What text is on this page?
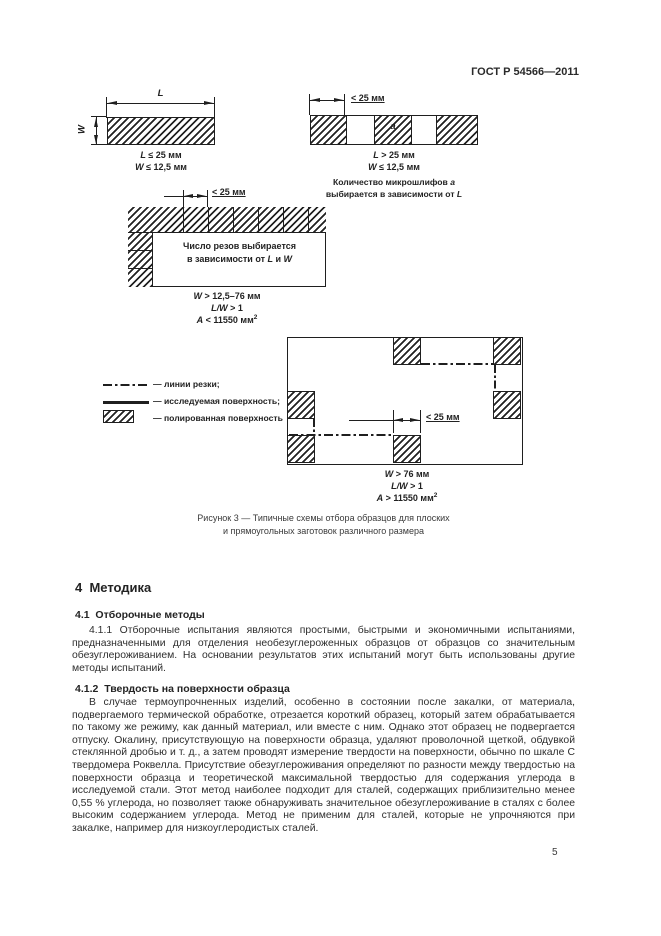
ГОСТ Р 54566—2011
L
W
L ≤ 25 мм
W ≤ 12,5 мм
< 25 мм
а
L > 25 мм
W ≤ 12,5 мм
Количество микрошлифов а
выбирается в зависимости от L
< 25 мм
Число резов выбирается
в зависимости от L и W
W > 12,5–76 мм
L/W > 1
A < 11550 $мм^2$
— линии резки;
— исследуемая поверхность;
— полированная поверхность	< 25 мм
W > 76 мм
L/W > 1
A > 11550 $мм^2$
Рисунок 3 — Типичные схемы отбора образцов для плоских
и прямоугольных заготовок различного размера
4  Методика
4.1  Отборочные методы
4.1.1 Отборочные испытания являются простыми, быстрыми и экономичными испытаниями, предназначенными для отделения необезуглероженных образцов от образцов со значительным обезуглероживанием. На основании результатов этих испытаний могут быть использованы другие методы испытаний.
4.1.2  Твердость на поверхности образца
В случае термоупрочненных изделий, особенно в состоянии после закалки, от материала, подвергаемого термической обработке, отрезается короткий образец, который затем обрабатывается по такому же режиму, как данный материал, или вместе с ним. Однако этот образец не подвергается отпуску. Окалину, присутствующую на поверхности образца, удаляют проволочной щеткой, обдувкой стеклянной дробью и т. д., а затем проводят измерение твердости на поверхности, обычно по шкале С твердомера Роквелла. Присутствие обезуглероживания определяют по разности между твердостью на поверхности образца и теоретической максимальной твердостью для содержания углерода в исследуемой стали. Этот метод наиболее подходит для сталей, содержащих приблизительно менее 0,55 % углерода, но позволяет также обнаруживать значительное обезуглероживание в сталях с более высоким содержанием углерода. Метод не применим для сталей, которые не упрочняются при закалке, например для низкоуглеродистых сталей.
5
